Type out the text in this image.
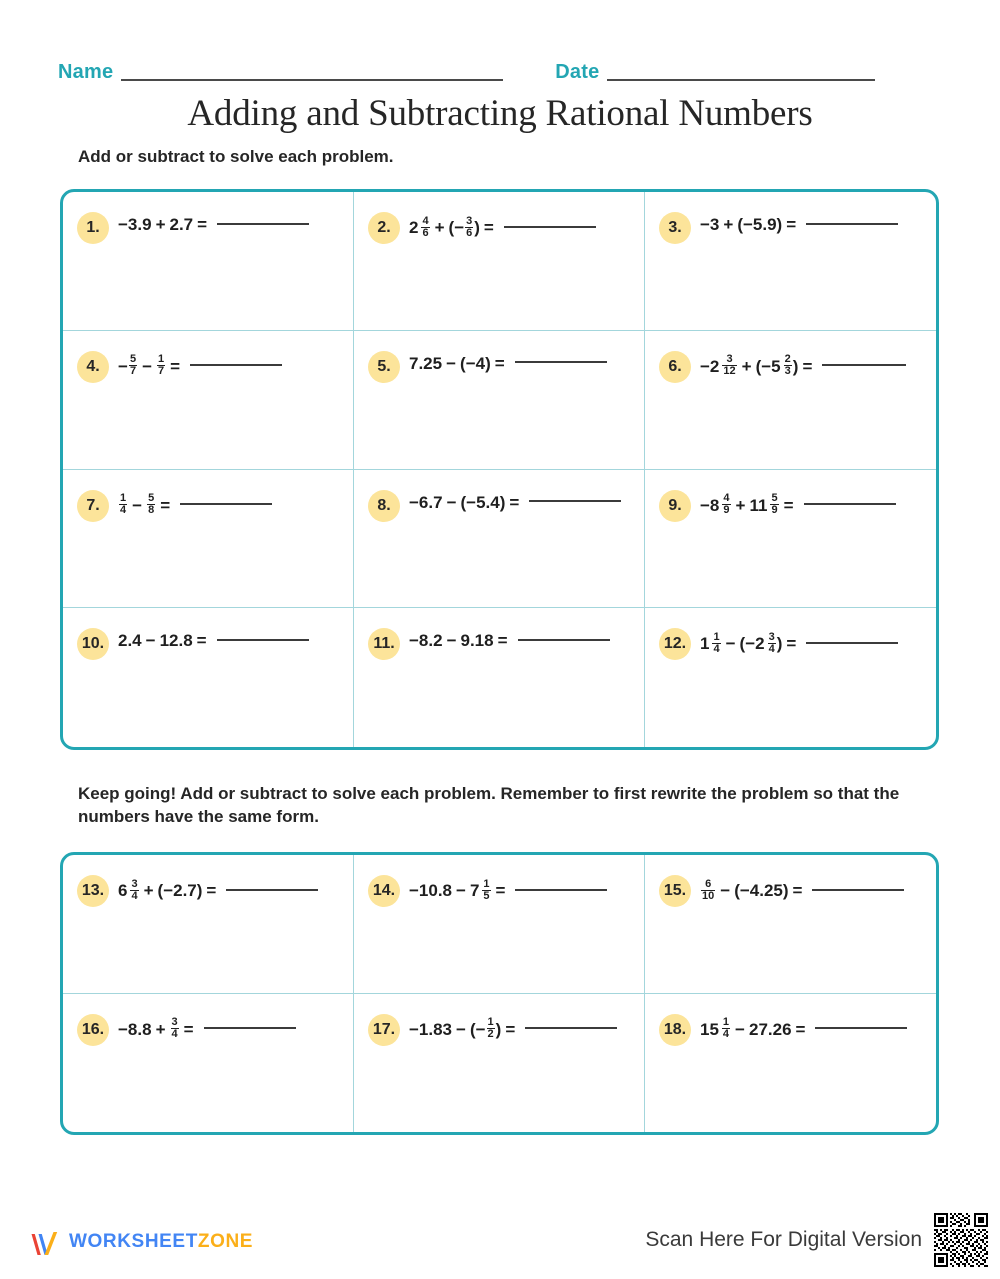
Name	Date
Adding and Subtracting Rational Numbers
Add or subtract to solve each problem.
1.	−3.9 + 2.7 =	2.	$2 \frac{4}{6}$ + (− $\frac{3}{6}$ ) =	3.	−3 + (−5.9) =
4.	− $\frac{5}{7} - \frac{1}{7}$ =	5.	7.25 − (−4) =	6.	$-2 \frac{3}{12}$ + ( $-5 \frac{2}{3}$ ) =
7.	$\frac{1}{4} - \frac{5}{8}$ =	8.	−6.7 − (−5.4) =	9.	$-8 \frac{4}{9} + 11 \frac{5}{9}$ =
10. 2.4 − 12.8 =	11. −8.2 − 9.18 =	12. $1 \frac{1}{4}$ − ( $-2 \frac{3}{4}$ ) =
Keep going! Add or subtract to solve each problem. Remember to first rewrite the problem so that the numbers have the same form.
13. $6 \frac{3}{4} + (-2.7)$ =	14. $-10.8 - 7 \frac{1}{5}$ =	15.	$\frac{6}{10} - (-4.25)$ =
16. $-8.8 + \frac{3}{4}$ =	17. −1.83 − (− $\frac{1}{2}$ ) =	18. $15 \frac{1}{4} - 27.26$ =
WORKSHEETZONE	Scan Here For Digital Version
